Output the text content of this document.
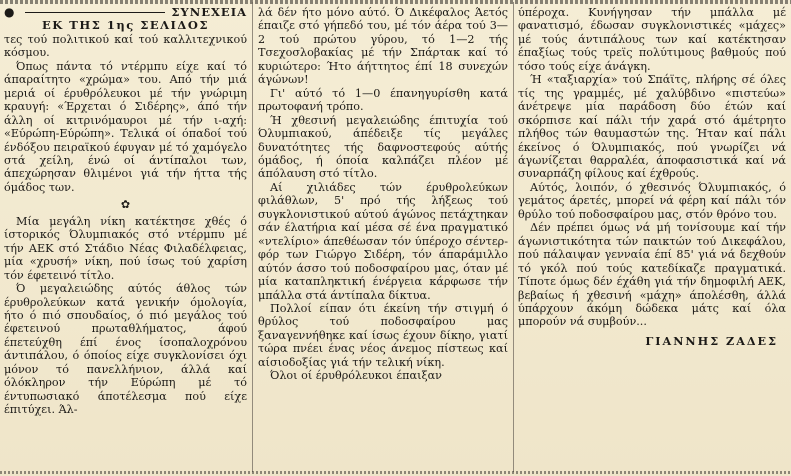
●	ΣΥΝΕΧΕΙΑ
ΕΚ ΤΗΣ 1ης ΣΕΛΙΔΟΣ

τες τού πολιτικού καί τού καλλιτεχνικού κόσμου.

Όπως πάντα τό ντέρμπυ είχε καί τό άπαραίτητο «χρώμα» του. Από τήν μιά μεριά οί έρυθρόλευκοι μέ τήν γνώριμη κραυγή: «Έρχεται ό Σιδέρης», άπό τήν άλλη οί κιτρινόμαυροι μέ τήν ι-αχή: «Εύρώπη-Εύρώπη». Τελικά οί όπαδοί τού ένδόξου πειραϊκού έφυγαν μέ τό χαμόγελο στά χείλη, ένώ οί άντίπαλοι των, άπεχώρησαν θλιμένοι γιά τήν ήττα τής όμάδος των.

✿

Μία μεγάλη νίκη κατέκτησε χθές ό ίστορικός Όλυμπιακός στό ντέρμπυ μέ τήν ΑΕΚ στό Στάδιο Νέας Φιλαδέλφειας, μία «χρυσή» νίκη, πού ίσως τού χαρίση τόν έφετεινό τίτλο.

Ό μεγαλειώδης αύτός άθλος τών έρυθρολεύκων κατά γενικήν όμολογία, ήτο ό πιό σπουδαίος, ό πιό μεγάλος τού έφετεινού πρωταθλήματος, άφού έπετεύχθη έπί ένος ίσοπαλοχρόνου άντιπάλου, ό όποίος είχε συγκλονίσει όχι μόνον τό πανελλήνιον, άλλά καί όλόκληρον τήν Εύρώπη μέ τό έντυπωσιακό άποτέλεσμα πού είχε έπιτύχει. Άλ-

λά δέν ήτο μόνο αύτό. Ό Δικέφαλος Άετός έπαιζε στό γήπεδό του, μέ τόν άέρα τού 3—2 τού πρώτου γύρου, τό 1—2 τής Τσεχοσλοβακίας μέ τήν Σπάρτακ καί τό κυριώτερο: Ήτο άήττητος έπί 18 συνεχών άγώνων!

Γι' αύτό τό 1—0 έπανηγυρίσθη κατά πρωτοφανή τρόπο.

Ή χθεσινή μεγαλειώδης έπιτυχία τού Όλυμπιακού, άπέδειξε τίς μεγάλες δυνατότητες τής δαφνοστεφούς αύτής όμάδος, ή όποία καλπάζει πλέον μέ άπόλαυση στό τίτλο.

Αί χιλιάδες τών έρυθρολεύκων φιλάθλων, 5' πρό τής λήξεως τού συγκλονιστικού αύτού άγώνος πετάχτηκαν σάν έλατήρια καί μέσα σέ ένα πραγματικό «ντελίριο» άπεθέωσαν τόν ύπέροχο σέντερ-φόρ των Γιώργο Σιδέρη, τόν άπαράμιλλο αύτόν άσσο τού ποδοσφαίρου μας, όταν μέ μία καταπληκτική ένέργεια κάρφωσε τήν μπάλλα στά άντίπαλα δίκτυα.

Πολλοί είπαν ότι έκείνη τήν στιγμή ό θρύλος τού ποδοσφαίρου μας ξαναγεννήθηκε καί ίσως έχουν δίκηο, γιατί τώρα πνέει ένας νέος άνεμος πίστεως καί αίσιοδοξίας γιά τήν τελική νίκη.

Όλοι οί έρυθρόλευκοι έπαιξαν

ύπέροχα. Κυνήγησαν τήν μπάλλα μέ φανατισμό, έδωσαν συγκλονιστικές «μάχες» μέ τούς άντιπάλους των καί κατέκτησαν έπαξίως τούς τρεϊς πολύτιμους βαθμούς πού τόσο τούς είχε άνάγκη.

Ή «ταξιαρχία» τού Σπάϊτς, πλήρης σέ όλες τίς της γραμμές, μέ χαλύβδινο «πιστεύω» άνέτρεψε μία παράδοση δύο έτών καί σκόρπισε καί πάλι τήν χαρά στό άμέτρητο πλήθος τών θαυμαστών της. Ήταν καί πάλι έκείνος ό Όλυμπιακός, πού γνωρίζει νά άγωνίζεται θαρραλέα, άποφασιστικά καί νά συναρπάζη φίλους καί έχθρούς.

Αύτός, λοιπόν, ό χθεσινός Όλυμπιακός, ό γεμάτος άρετές, μπορεί νά φέρη καί πάλι τόν θρύλο τού ποδοσφαίρου μας, στόν θρόνο του.

Δέν πρέπει όμως νά μή τονίσουμε καί τήν άγωνιστικότητα τών παικτών τού Δικεφάλου, πού πάλαιψαν γενναία έπί 85' γιά νά δεχθούν τό γκόλ πού τούς κατεδίκαζε πραγματικά. Τίποτε όμως δέν έχάθη γιά τήν δημοφιλή ΑΕΚ, βεβαίως ή χθεσινή «μάχη» άπολέσθη, άλλά ύπάρχουν άκόμη δώδεκα μάτς καί όλα μπορούν νά συμβούν...

ΓΙΑΝΝΗΣ ΖΑΔΕΣ
